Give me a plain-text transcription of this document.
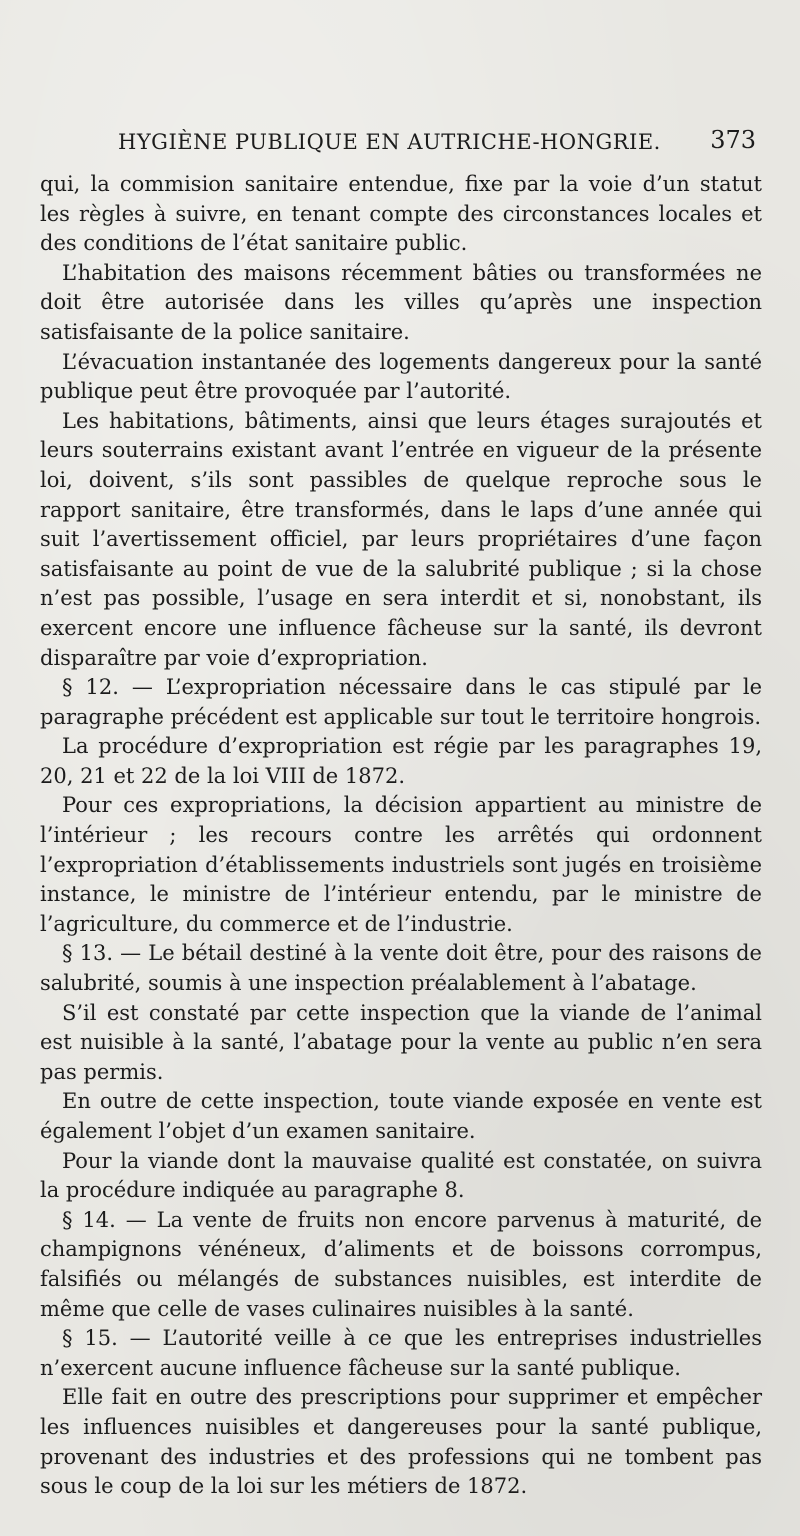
HYGIÈNE PUBLIQUE EN AUTRICHE-HONGRIE. 373

qui, la commision sanitaire entendue, fixe par la voie d’un statut les règles à suivre, en tenant compte des circonstances locales et des conditions de l’état sanitaire public.

L’habitation des maisons récemment bâties ou transformées ne doit être autorisée dans les villes qu’après une inspection satisfaisante de la police sanitaire.

L’évacuation instantanée des logements dangereux pour la santé publique peut être provoquée par l’autorité.

Les habitations, bâtiments, ainsi que leurs étages surajoutés et leurs souterrains existant avant l’entrée en vigueur de la présente loi, doivent, s’ils sont passibles de quelque reproche sous le rapport sanitaire, être transformés, dans le laps d’une année qui suit l’avertissement officiel, par leurs propriétaires d’une façon satisfaisante au point de vue de la salubrité publique ; si la chose n’est pas possible, l’usage en sera interdit et si, nonobstant, ils exercent encore une influence fâcheuse sur la santé, ils devront disparaître par voie d’expropriation.

§ 12. — L’expropriation nécessaire dans le cas stipulé par le paragraphe précédent est applicable sur tout le territoire hongrois.

La procédure d’expropriation est régie par les paragraphes 19, 20, 21 et 22 de la loi VIII de 1872.

Pour ces expropriations, la décision appartient au ministre de l’intérieur ; les recours contre les arrêtés qui ordonnent l’expropriation d’établissements industriels sont jugés en troisième instance, le ministre de l’intérieur entendu, par le ministre de l’agriculture, du commerce et de l’industrie.

§ 13. — Le bétail destiné à la vente doit être, pour des raisons de salubrité, soumis à une inspection préalablement à l’abatage.

S’il est constaté par cette inspection que la viande de l’animal est nuisible à la santé, l’abatage pour la vente au public n’en sera pas permis.

En outre de cette inspection, toute viande exposée en vente est également l’objet d’un examen sanitaire.

Pour la viande dont la mauvaise qualité est constatée, on suivra la procédure indiquée au paragraphe 8.

§ 14. — La vente de fruits non encore parvenus à maturité, de champignons vénéneux, d’aliments et de boissons corrompus, falsifiés ou mélangés de substances nuisibles, est interdite de même que celle de vases culinaires nuisibles à la santé.

§ 15. — L’autorité veille à ce que les entreprises industrielles n’exercent aucune influence fâcheuse sur la santé publique.

Elle fait en outre des prescriptions pour supprimer et empêcher les influences nuisibles et dangereuses pour la santé publique, provenant des industries et des professions qui ne tombent pas sous le coup de la loi sur les métiers de 1872.
